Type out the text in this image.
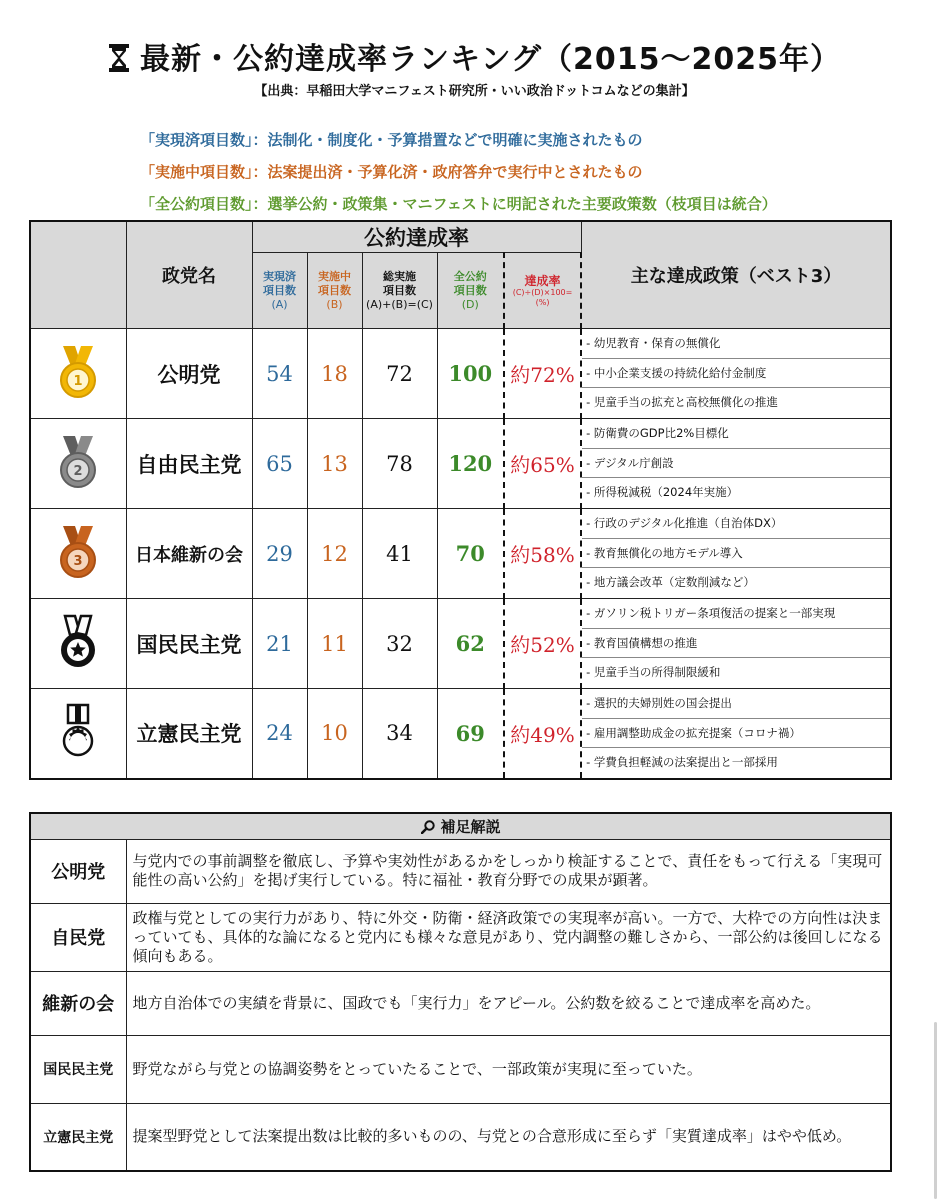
最新・公約達成率ランキング（2015〜2025年）
【出典：早稲田大学マニフェスト研究所・いい政治ドットコムなどの集計】
「実現済項目数」：法制化・制度化・予算措置などで明確に実施されたもの
「実施中項目数」：法案提出済・予算化済・政府答弁で実行中とされたもの
「全公約項目数」：選挙公約・政策集・マニフェストに明記された主要政策数（枝項目は統合）
	政党名	公約達成率					主な達成政策（ベスト3）
		実現済
項目数
(A)	実施中
項目数
(B)	総実施
項目数
(A)+(B)=(C)	全公約
項目数
(D)	達成率
(C)÷(D)×100=
(%)	

1	公明党	54	18	72	100	約72%	- 幼児教育・保育の無償化
- 中小企業支援の持続化給付金制度
- 児童手当の拡充と高校無償化の推進

2	自由民主党	65	13	78	120	約65%	- 防衛費のGDP比2%目標化
- デジタル庁創設
- 所得税減税（2024年実施）

3	日本維新の会	29	12	41	70	約58%	- 行政のデジタル化推進（自治体DX）
- 教育無償化の地方モデル導入
- 地方議会改革（定数削減など）

	国民民主党	21	11	32	62	約52%	- ガソリン税トリガー条項復活の提案と一部実現
- 教育国債構想の推進
- 児童手当の所得制限緩和

	立憲民主党	24	10	34	69	約49%	- 選択的夫婦別姓の国会提出
- 雇用調整助成金の拡充提案（コロナ禍）
- 学費負担軽減の法案提出と一部採用
補足解説	
公明党	与党内での事前調整を徹底し、予算や実効性があるかをしっかり検証することで、責任をもって行える「実現可能性の高い公約」を掲げ実行している。特に福祉・教育分野での成果が顕著。
自民党	政権与党としての実行力があり、特に外交・防衛・経済政策での実現率が高い。一方で、大枠での方向性は決まっていても、具体的な論になると党内にも様々な意見があり、党内調整の難しさから、一部公約は後回しになる傾向もある。
維新の会	地方自治体での実績を背景に、国政でも「実行力」をアピール。公約数を絞ることで達成率を高めた。
国民民主党	野党ながら与党との協調姿勢をとっていたることで、一部政策が実現に至っていた。
立憲民主党	提案型野党として法案提出数は比較的多いものの、与党との合意形成に至らず「実質達成率」はやや低め。
